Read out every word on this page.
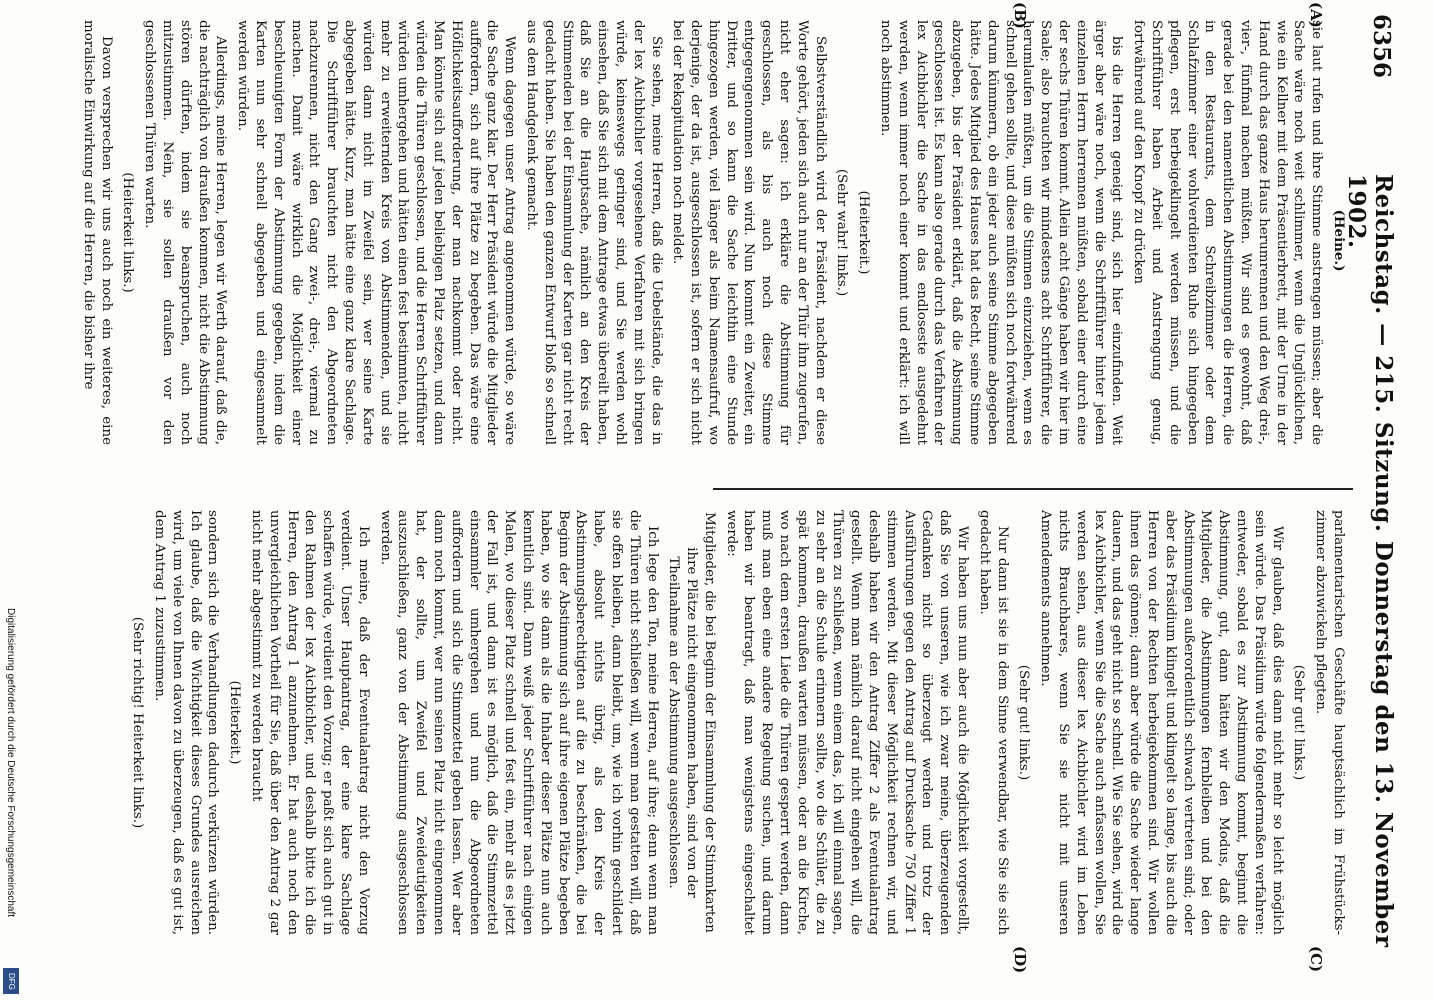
6356
Reichstag. — 215. Sitzung. Donnerstag den 13. November 1902.
(A)
(B)
(C)
(D)

(Heine.)

sie laut rufen und ihre Stimme anstrengen müssen; aber die Sache wäre noch weit schlimmer, wenn die Unglücklichen, wie ein Kellner mit dem Präsentierbrett, mit der Urne in der Hand durch das ganze Haus herumrennen und den Weg drei-, vier-, fünfmal machen müßten. Wir sind es gewohnt, daß gerade bei den namentlichen Abstimmungen die Herren, die in den Restaurants, dem Schreibzimmer oder dem Schlafzimmer einer wohlverdienten Ruhe sich hingegeben pflegen, erst herbeigeklingelt werden müssen, und die Schriftführer haben Arbeit und Anstrengung genug, fortwährend auf den Knopf zu drücken

bis die Herren geneigt sind, sich hier einzufinden. Weit ärger aber wäre noch, wenn die Schriftführer hinter jedem einzelnen Herrn herrennen müßten, sobald einer durch eine der sechs Thüren kommt. Allein acht Gänge haben wir hier im Saale; also brauchten wir mindestens acht Schriftführer, die herumlaufen müßten, um die Stimmen einzuziehen, wenn es schnell gehen sollte, und diese müßten sich noch fortwährend darum kümmern, ob ein jeder auch seine Stimme abgegeben hätte. Jedes Mitglied des Hauses hat das Recht, seine Stimme abzugeben, bis der Präsident erklärt, daß die Abstimmung geschlossen ist. Es kann also gerade durch das Verfahren der lex Aichbichler die Sache in das endloseste ausgedehnt werden, wenn immer noch einer kommt und erklärt: ich will noch abstimmen.

(Heiterkeit.)

(Sehr wahr! links.)

Selbstverständlich wird der Präsident, nachdem er diese Worte gehört, jeden sich auch nur an der Thür ihm zugerufen, nicht eher sagen: ich erkläre die Abstimmung für geschlossen, als bis auch noch diese Stimme entgegengenommen sein wird. Nun kommt ein Zweiter, ein Dritter, und so kann die Sache leichthin eine Stunde hingezogen werden, viel länger als beim Namensaufruf, wo derjenige, der da ist, ausgeschlossen ist, sofern er sich nicht bei der Rekapitulation noch meldet.

Sie sehen, meine Herren, daß die Uebelstände, die das in der lex Aichbichler vorgesehene Verfahren mit sich bringen würde, keineswegs geringer sind, und Sie werden wohl einsehen, daß Sie sich mit dem Antrage etwas übereilt haben, daß Sie an die Hauptsache, nämlich an den Kreis der Stimmenden bei der Einsammlung der Karten gar nicht recht gedacht haben. Sie haben den ganzen Entwurf bloß so schnell aus dem Handgelenk gemacht.

Wenn dagegen unser Antrag angenommen würde, so wäre die Sache ganz klar. Der Herr Präsident würde die Mitglieder auffordern, sich auf ihre Plätze zu begeben. Das wäre eine Höflichkeitsaufforderung, der man nachkommt oder nicht. Man könnte sich auf jeden beliebigen Platz setzen, und dann würden die Thüren geschlossen, und die Herren Schriftführer würden umhergehen und hätten einen fest bestimmten, nicht mehr zu erweiternden Kreis von Abstimmenden, und sie würden dann nicht im Zweifel sein, wer seine Karte abgegeben hätte. Kurz, man hätte eine ganz klare Sachlage. Die Schriftführer brauchten nicht den Abgeordneten nachzurennen, nicht den Gang zwei-, drei-, viermal zu machen. Damit wäre wirklich die Möglichkeit einer beschleunigten Form der Abstimmung gegeben, indem die Karten nun sehr schnell abgegeben und eingesammelt werden würden.

Allerdings, meine Herren, legen wir Werth darauf, daß die, die nachträglich von draußen kommen, nicht die Abstimmung stören dürften, indem sie beanspruchen, auch noch mitzustimmen. Nein, sie sollen draußen vor den geschlossenen Thüren warten.

(Heiterkeit links.)

Davon versprechen wir uns auch noch ein weiteres, eine moralische Einwirkung auf die Herren, die bisher ihre

parlamentarischen Geschäfte hauptsächlich im Frühstücks- zimmer abzuwickeln pflegten.

(Sehr gut! links.)

Wir glauben, daß dies dann nicht mehr so leicht möglich sein würde. Das Präsidium würde folgendermaßen verfahren: entweder, sobald es zur Abstimmung kommt, beginnt die Abstimmung, gut, dann hätten wir den Modus, daß die Mitglieder, die Abstimmungen fernbleiben und bei den Abstimmungen außerordentlich schwach vertreten sind; oder aber das Präsidium klingelt und klingelt so lange, bis auch die Herren von der Rechten herbeigekommen sind. Wir wollen ihnen das gönnen; dann aber würde die Sache wieder lange dauern, und das geht nicht so schnell. Wie Sie sehen, wird die lex Aichbichler, wenn Sie die Sache auch anfassen wollen, Sie werden sehen, aus dieser lex Aichbichler wird im Leben nichts Brauchbares, wenn Sie sie nicht mit unseren Amendements annehmen.

(Sehr gut! links.)

Nur dann ist sie in dem Sinne verwendbar, wie Sie sie sich gedacht haben.

Wir haben uns nun aber auch die Möglichkeit vorgestellt, daß Sie von unseren, wie ich zwar meine, überzeugenden Gedanken nicht so überzeugt werden und trotz der Ausführungen gegen den Antrag auf Drucksache 750 Ziffer 1 stimmen werden. Mit dieser Möglichkeit rechnen wir, und deshalb haben wir den Antrag Ziffer 2 als Eventualantrag gestellt. Wenn man nämlich darauf nicht eingehen will, die Thüren zu schließen, wenn einem das, ich will einmal sagen, zu sehr an die Schule erinnern sollte, wo die Schüler, die zu spät kommen, draußen warten müssen, oder an die Kirche, wo nach dem ersten Liede die Thüren gesperrt werden, dann muß man eben eine andere Regelung suchen, und darum haben wir beantragt, daß man wenigstens eingeschaltet werde:

Mitglieder, die bei Beginn der Einsammlung der Stimmkarten ihre Plätze nicht eingenommen haben, sind von der Theilnahme an der Abstimmung ausgeschlossen.

Ich lege den Ton, meine Herren, auf ihre; denn wenn man die Thüren nicht schließen will, wenn man gestatten will, daß sie offen bleiben, dann bleibt, um, wie ich vorhin geschildert habe, absolut nichts übrig, als den Kreis der Abstimmungsberechtigten auf die zu beschränken, die bei Beginn der Abstimmung sich auf ihre eigenen Plätze begeben haben, wo sie dann als die Inhaber dieser Plätze nun auch kenntlich sind. Dann weiß jeder Schriftführer nach einigen Malen, wo dieser Platz schnell und fest ein, mehr als es jetzt der Fall ist, und dann ist es möglich, daß die Stimmzettel einsammler umhergehen und nun die Abgeordneten auffordern und sich die Stimmzettel geben lassen. Wer aber dann noch kommt, wer nun seinen Platz nicht eingenommen hat, der sollte, um Zweifel und Zweideutigkeiten auszuschließen, ganz von der Abstimmung ausgeschlossen werden.

Ich meine, daß der Eventualantrag nicht den Vorzug verdient. Unser Hauptantrag, der eine klare Sachlage schaffen würde, verdient den Vorzug; er paßt sich auch gut in den Rahmen der lex Aichbichler, und deshalb bitte ich die Herren, den Antrag 1 anzunehmen. Er hat auch noch den unvergleichlichen Vortheil für Sie, daß über den Antrag 2 gar nicht mehr abgestimmt zu werden braucht

(Heiterkeit.)

sondern sich die Verhandlungen dadurch verkürzen würden. Ich glaube, daß die Wichtigkeit dieses Grundes ausreichen wird, um viele von Ihnen davon zu überzeugen, daß es gut ist, dem Antrag 1 zuzustimmen.

(Sehr richtig! Heiterkeit links.)

Digitalisierung gefördert durch die Deutsche Forschungsgemeinschaft
DFG
